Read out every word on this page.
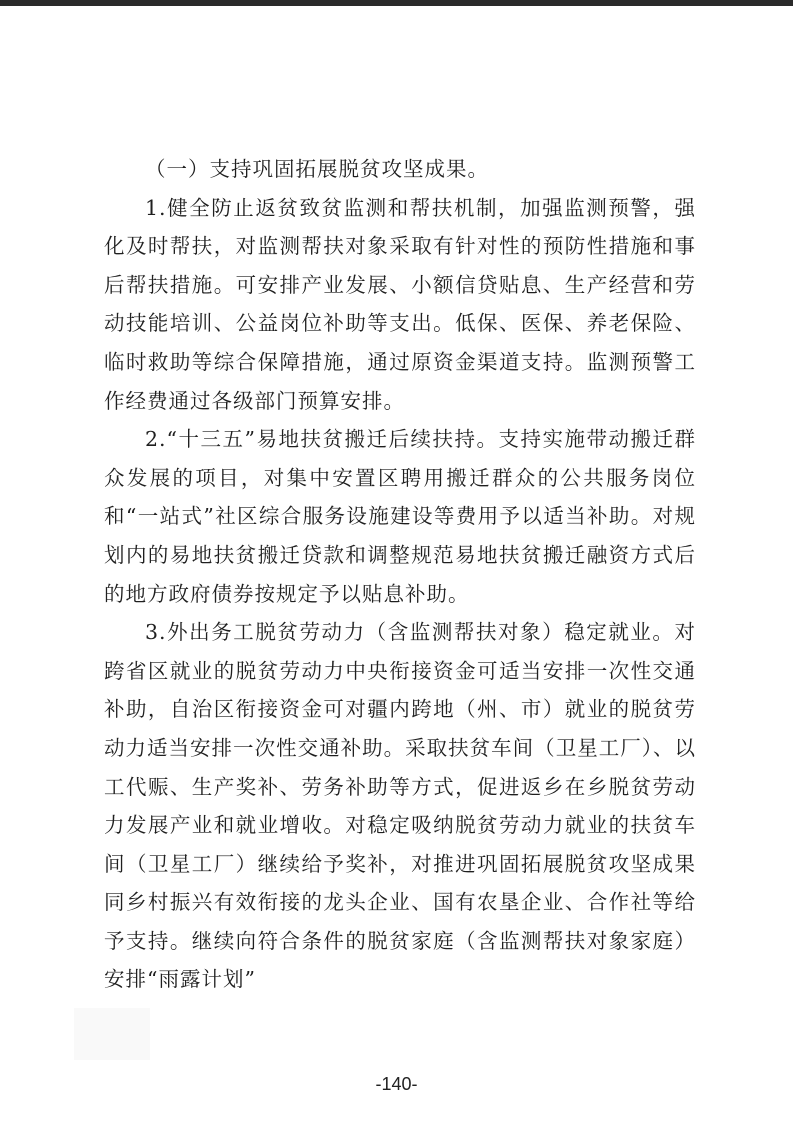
（一）支持巩固拓展脱贫攻坚成果。

1.健全防止返贫致贫监测和帮扶机制，加强监测预警，强化及时帮扶，对监测帮扶对象采取有针对性的预防性措施和事后帮扶措施。可安排产业发展、小额信贷贴息、生产经营和劳动技能培训、公益岗位补助等支出。低保、医保、养老保险、临时救助等综合保障措施，通过原资金渠道支持。监测预警工作经费通过各级部门预算安排。

2.“十三五”易地扶贫搬迁后续扶持。支持实施带动搬迁群众发展的项目，对集中安置区聘用搬迁群众的公共服务岗位和“一站式”社区综合服务设施建设等费用予以适当补助。对规划内的易地扶贫搬迁贷款和调整规范易地扶贫搬迁融资方式后的地方政府债券按规定予以贴息补助。

3.外出务工脱贫劳动力（含监测帮扶对象）稳定就业。对跨省区就业的脱贫劳动力中央衔接资金可适当安排一次性交通补助，自治区衔接资金可对疆内跨地（州、市）就业的脱贫劳动力适当安排一次性交通补助。采取扶贫车间（卫星工厂）、以工代赈、生产奖补、劳务补助等方式，促进返乡在乡脱贫劳动力发展产业和就业增收。对稳定吸纳脱贫劳动力就业的扶贫车间（卫星工厂）继续给予奖补，对推进巩固拓展脱贫攻坚成果同乡村振兴有效衔接的龙头企业、国有农垦企业、合作社等给予支持。继续向符合条件的脱贫家庭（含监测帮扶对象家庭）安排“雨露计划”

-140-
